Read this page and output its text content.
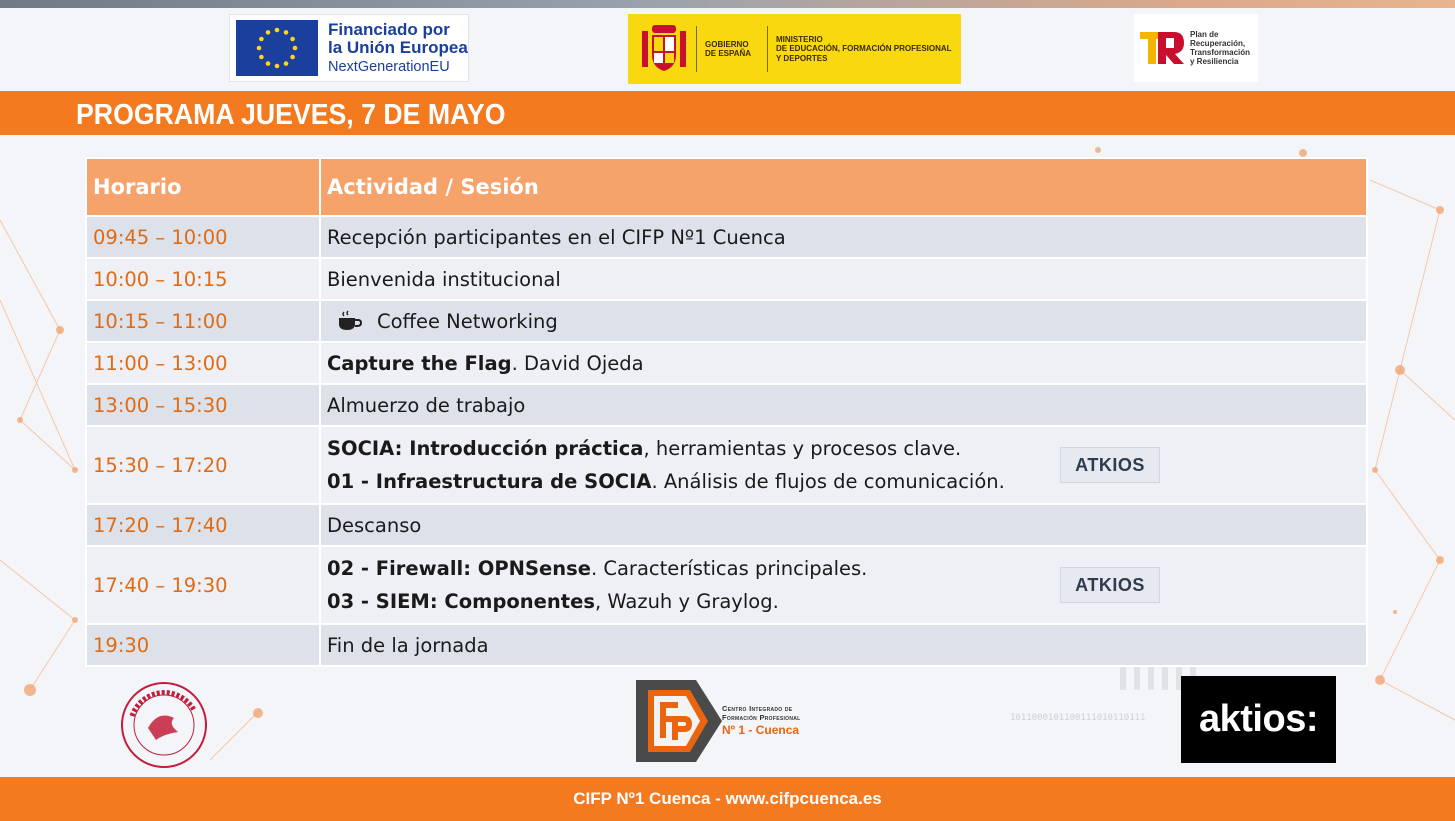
1011000101100111010110111
Financiado por
la Unión Europea
NextGenerationEU
GOBIERNO
DE ESPAÑA
MINISTERIO
DE EDUCACIÓN, FORMACIÓN PROFESIONAL
Y DEPORTES
Plan de
Recuperación,
Transformación
y Resiliencia
PROGRAMA JUEVES, 7 DE MAYO
Horario	Actividad / Sesión
09:45 – 10:00	Recepción participantes en el CIFP Nº1 Cuenca
10:00 – 10:15	Bienvenida institucional
10:15 – 11:00	Coffee Networking

11:00 – 13:00	Capture the Flag. David Ojeda
13:00 – 15:30	Almuerzo de trabajo
15:30 – 17:20	SOCIA: Introducción práctica, herramientas y procesos clave.
01 - Infraestructura de SOCIA. Análisis de flujos de comunicación.
ATKIOS

17:20 – 17:40	Descanso
17:40 – 19:30	02 - Firewall: OPNSense. Características principales.
03 - SIEM: Componentes, Wazuh y Graylog.
ATKIOS

19:30	Fin de la jornada
Centro Integrado de
Formación Profesional
Nº 1 - Cuenca	aktios:
CIFP Nº1 Cuenca - www.cifpcuenca.es
